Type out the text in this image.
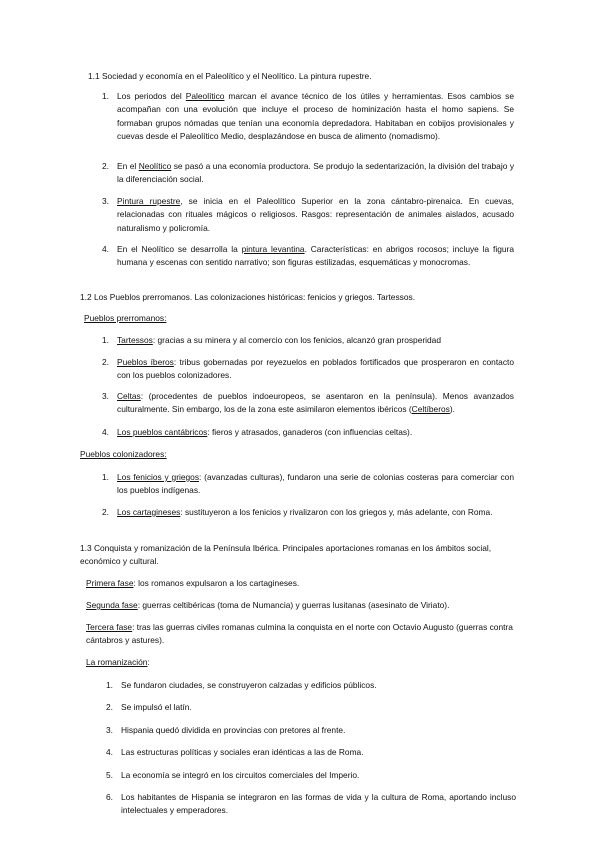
1.1 Sociedad y economía en el Paleolítico y el Neolítico. La pintura rupestre.
1. Los periodos del Paleolítico marcan el avance técnico de los útiles y herramientas. Esos cambios se acompañan con una evolución que incluye el proceso de hominización hasta el homo sapiens. Se formaban grupos nómadas que tenían una economía depredadora. Habitaban en cobijos provisionales y cuevas desde el Paleolítico Medio, desplazándose en busca de alimento (nomadismo).
2. En el Neolítico se pasó a una economía productora. Se produjo la sedentarización, la división del trabajo y la diferenciación social.
3. Pintura rupestre, se inicia en el Paleolítico Superior en la zona cántabro-pirenaica. En cuevas, relacionadas con rituales mágicos o religiosos. Rasgos: representación de animales aislados, acusado naturalismo y policromía.
4. En el Neolítico se desarrolla la pintura levantina. Características: en abrigos rocosos; incluye la figura humana y escenas con sentido narrativo; son figuras estilizadas, esquemáticas y monocromas.
1.2 Los Pueblos prerromanos. Las colonizaciones históricas: fenicios y griegos. Tartessos.
Pueblos prerromanos:
1. Tartessos: gracias a su minera y al comercio con los fenicios, alcanzó gran prosperidad
2. Pueblos íberos: tribus gobernadas por reyezuelos en poblados fortificados que prosperaron en contacto con los pueblos colonizadores.
3. Celtas: (procedentes de pueblos indoeuropeos, se asentaron en la península). Menos avanzados culturalmente. Sin embargo, los de la zona este asimilaron elementos ibéricos (Celtíberos).
4. Los pueblos cantábricos: fieros y atrasados, ganaderos (con influencias celtas).
Pueblos colonizadores:
1. Los fenicios y griegos: (avanzadas culturas), fundaron una serie de colonias costeras para comerciar con los pueblos indígenas.
2. Los cartagineses: sustituyeron a los fenicios y rivalizaron con los griegos y, más adelante, con Roma.
1.3 Conquista y romanización de la Península Ibérica. Principales aportaciones romanas en los ámbitos social, económico y cultural.
Primera fase: los romanos expulsaron a los cartagineses.
Segunda fase: guerras celtibéricas (toma de Numancia) y guerras lusitanas (asesinato de Viriato).
Tercera fase: tras las guerras civiles romanas culmina la conquista en el norte con Octavio Augusto (guerras contra cántabros y astures).
La romanización:
1. Se fundaron ciudades, se construyeron calzadas y edificios públicos.
2. Se impulsó el latín.
3. Hispania quedó dividida en provincias con pretores al frente.
4. Las estructuras políticas y sociales eran idénticas a las de Roma.
5. La economía se integró en los circuitos comerciales del Imperio.
6. Los habitantes de Hispania se integraron en las formas de vida y la cultura de Roma, aportando incluso intelectuales y emperadores.
